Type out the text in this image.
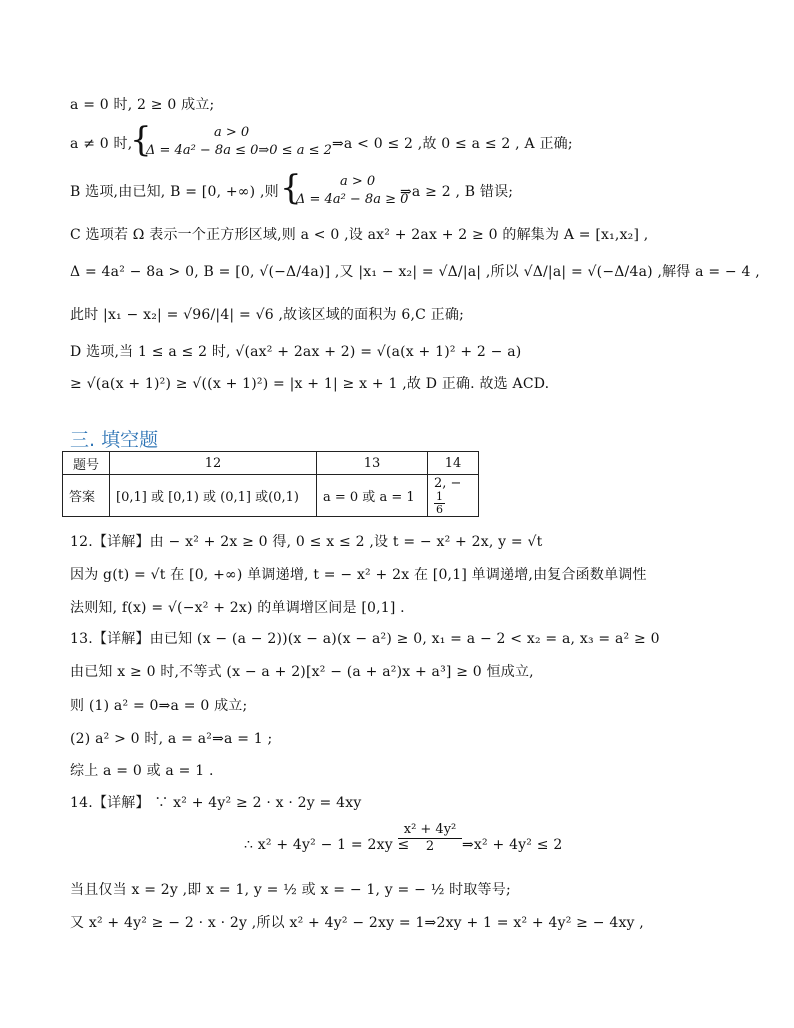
a = 0 时, 2 ≥ 0 成立;
a ≠ 0 时,
{	a > 0
Δ = 4a² − 8a ≤ 0⇒0 ≤ a ≤ 2 ⇒a < 0 ≤ 2 ,故 0 ≤ a ≤ 2 , A 正确;
B 选项,由已知, B = [0, +∞) ,则 {	a > 0
Δ = 4a² − 8a ≥ 0
⇒a ≥ 2 , B 错误;
C 选项若 Ω 表示一个正方形区域,则 a < 0 ,设 ax² + 2ax + 2 ≥ 0 的解集为 A = [x₁,x₂] ,
Δ = 4a² − 8a > 0, B = [0, √(−Δ/4a)] ,又 |x₁ − x₂| = √Δ/|a| ,所以 √Δ/|a| = √(−Δ/4a) ,解得 a = − 4 ,
此时 |x₁ − x₂| = √96/|4| = √6 ,故该区域的面积为 6,C 正确;
D 选项,当 1 ≤ a ≤ 2 时, √(ax² + 2ax + 2) = √(a(x + 1)² + 2 − a)
≥ √(a(x + 1)²) ≥ √((x + 1)²) = |x + 1| ≥ x + 1 ,故 D 正确. 故选 ACD.
三. 填空题
题号	12	13	14
答案	[0,1] 或 [0,1) 或 (0,1] 或(0,1)	a = 0 或 a = 1	2, −
$\frac{1}{6}$
12.【详解】由 − x² + 2x ≥ 0 得, 0 ≤ x ≤ 2 ,设 t = − x² + 2x, y = √t
因为 g(t) = √t 在 [0, +∞) 单调递增, t = − x² + 2x 在 [0,1] 单调递增,由复合函数单调性
法则知, f(x) = √(−x² + 2x) 的单调增区间是 [0,1] .
13.【详解】由已知 (x − (a − 2))(x − a)(x − a²) ≥ 0, x₁ = a − 2 < x₂ = a, x₃ = a² ≥ 0
由已知 x ≥ 0 时,不等式 (x − a + 2)[x² − (a + a²)x + a³] ≥ 0 恒成立,
则 (1) a² = 0⇒a = 0 成立;
(2) a² > 0 时, a = a²⇒a = 1 ;
综上 a = 0 或 a = 1 .
14.【详解】 ∵ x² + 4y² ≥ 2 · x · 2y = 4xy
∴ x² + 4y² − 1 = 2xy ≤
$\frac{\text{x² + 4y²}}{2}$ ⇒x² + 4y² ≤ 2
当且仅当 x = 2y ,即 x = 1, y = ½ 或 x = − 1, y = − ½ 时取等号;
又 x² + 4y² ≥ − 2 · x · 2y ,所以 x² + 4y² − 2xy = 1⇒2xy + 1 = x² + 4y² ≥ − 4xy ,
